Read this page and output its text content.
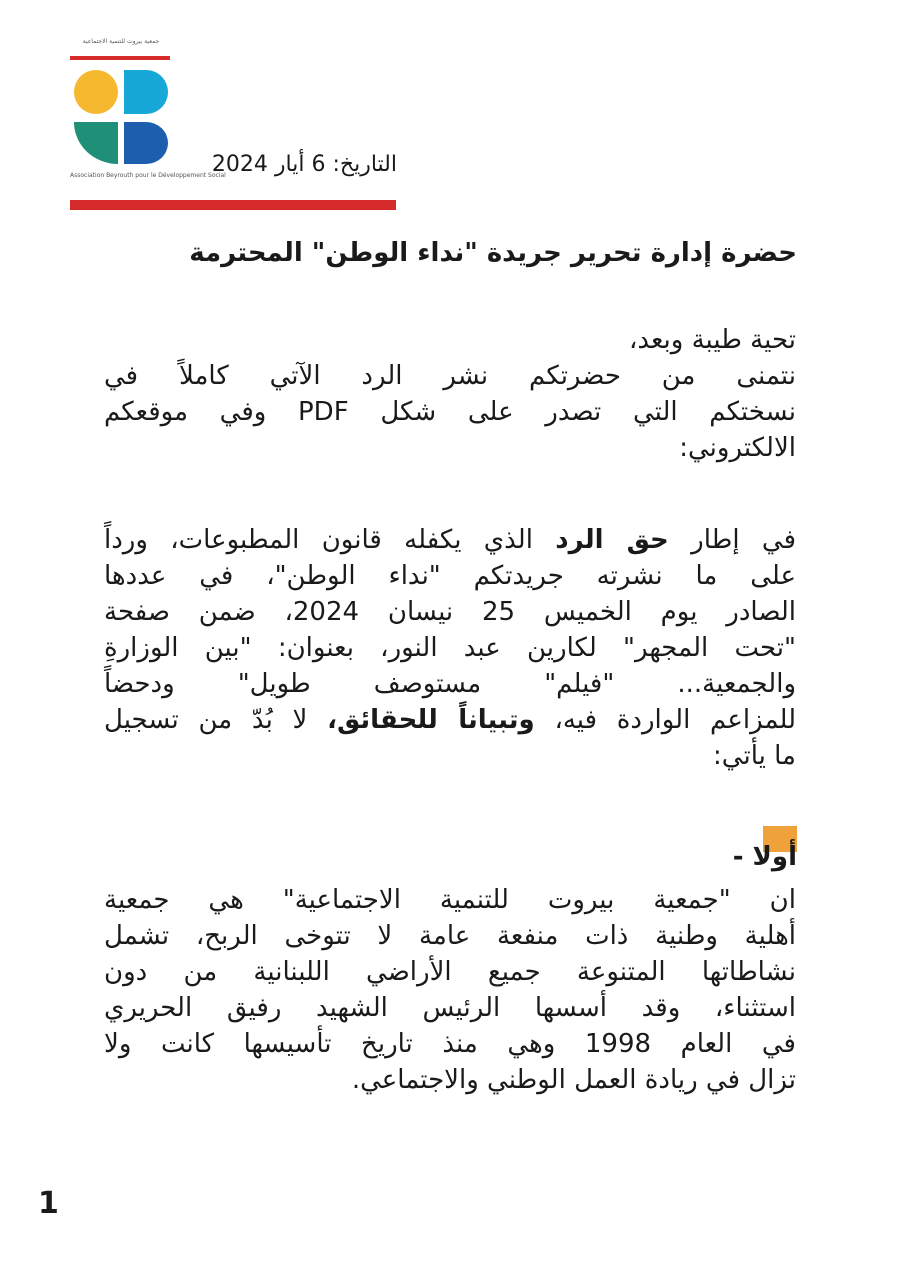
جمعية بيروت للتنمية الاجتماعية
Association Beyrouth pour le Développement Social
التاريخ: 6 أيار 2024
حضرة إدارة تحرير جريدة "نداء الوطن" المحترمة
تحية طيبة وبعد،
نتمنى من حضرتكم نشر الرد الآتي كاملاً في
نسختكم التي تصدر على شكل PDF وفي موقعكم
الالكتروني:
في إطار حق الرد الذي يكفله قانون المطبوعات، ورداً
على ما نشرته جريدتكم "نداء الوطن"، في عددها
الصادر يوم الخميس 25 نيسان 2024، ضمن صفحة
"تحت المجهر" لكارين عبد النور، بعنوان: "بين الوزارةِ
والجمعية... "فيلم" مستوصف طويل" ودحضاً
للمزاعم الواردة فيه، وتبياناً للحقائق، لا بُدّ من تسجيل
ما يأتي:
أولا -
ان "جمعية بيروت للتنمية الاجتماعية" هي جمعية
أهلية وطنية ذات منفعة عامة لا تتوخى الربح، تشمل
نشاطاتها المتنوعة جميع الأراضي اللبنانية من دون
استثناء، وقد أسسها الرئيس الشهيد رفيق الحريري
في العام 1998 وهي منذ تاريخ تأسيسها كانت ولا
تزال في ريادة العمل الوطني والاجتماعي.
1
